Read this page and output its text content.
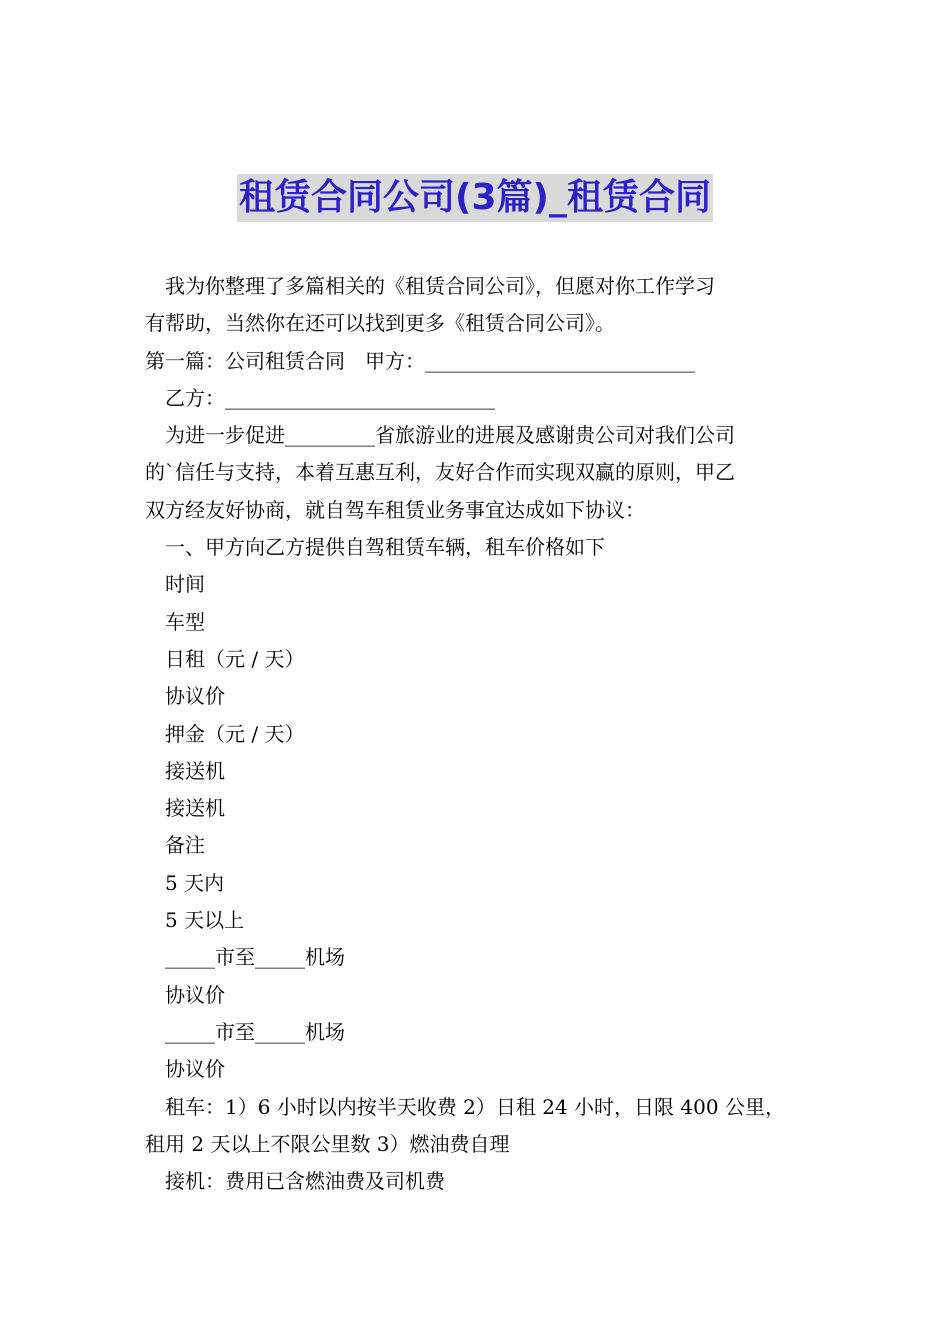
租赁合同公司(3篇)_租赁合同

我为你整理了多篇相关的《租赁合同公司》，但愿对你工作学习

有帮助，当然你在还可以找到更多《租赁合同公司》。

第一篇：公司租赁合同　甲方：___________________________

乙方：___________________________

为进一步促进_________省旅游业的进展及感谢贵公司对我们公司

的`信任与支持，本着互惠互利，友好合作而实现双赢的原则，甲乙

双方经友好协商，就自驾车租赁业务事宜达成如下协议：

一、甲方向乙方提供自驾租赁车辆，租车价格如下

时间

车型

日租（元 / 天）

协议价

押金（元 / 天）

接送机

接送机

备注

5 天内

5 天以上

_____市至_____机场

协议价

_____市至_____机场

协议价

租车：1）6 小时以内按半天收费 2）日租 24 小时，日限 400 公里，

租用 2 天以上不限公里数 3）燃油费自理

接机：费用已含燃油费及司机费
